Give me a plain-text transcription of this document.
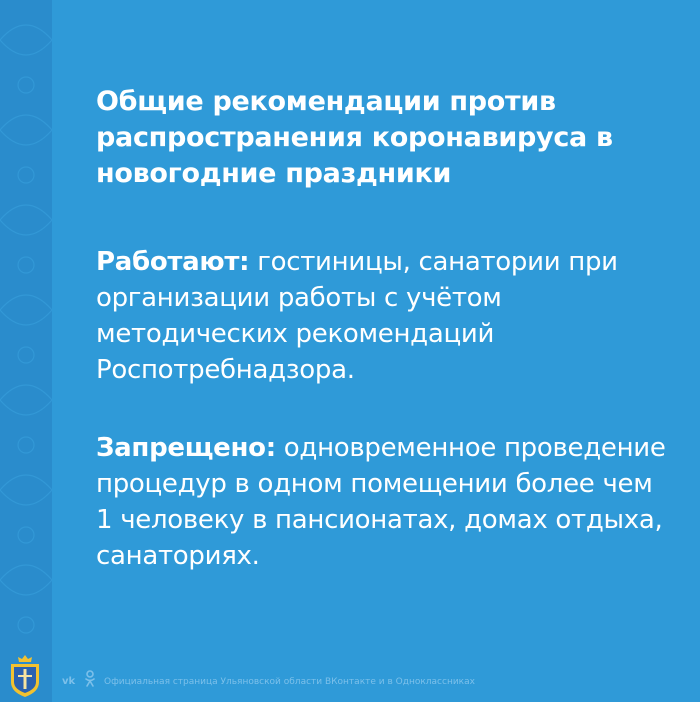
Общие рекомендации против распространения коронавируса в новогодние праздники

Работают: гостиницы, санатории при организации работы с учётом методических рекомендаций Роспотребнадзора.

Запрещено: одновременное проведение процедур в одном помещении более чем 1 человеку в пансионатах, домах отдыха, санаториях.

vk	Официальная страница Ульяновской области ВКонтакте и в Одноклассниках
